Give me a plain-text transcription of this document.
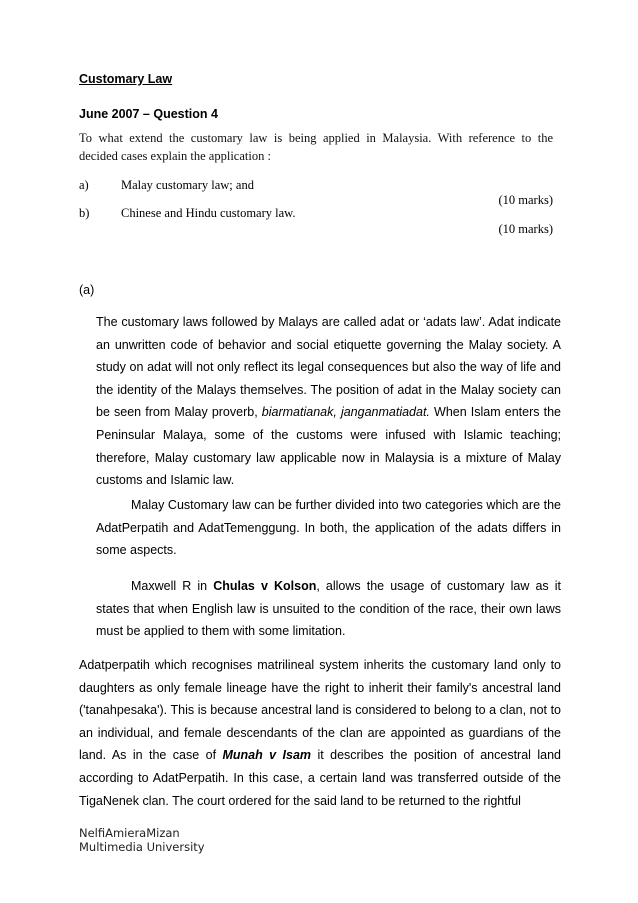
Customary Law
June 2007 – Question 4
To what extend the customary law is being applied in Malaysia. With reference to the
decided cases explain the application :
a)	Malay customary law; and
(10 marks)
b)	Chinese and Hindu customary law.
(10 marks)
(a)

The customary laws followed by Malays are called adat or ‘adats law’. Adat indicate an unwritten code of behavior and social etiquette governing the Malay society. A study on adat will not only reflect its legal consequences but also the way of life and the identity of the Malays themselves. The position of adat in the Malay society can be seen from Malay proverb, biarmatianak, janganmatiadat. When Islam enters the Peninsular Malaya, some of the customs were infused with Islamic teaching; therefore, Malay customary law applicable now in Malaysia is a mixture of Malay customs and Islamic law.

Malay Customary law can be further divided into two categories which are the AdatPerpatih and AdatTemenggung. In both, the application of the adats differs in some aspects.

Maxwell R in Chulas v Kolson, allows the usage of customary law as it states that when English law is unsuited to the condition of the race, their own laws must be applied to them with some limitation.

Adatperpatih which recognises matrilineal system inherits the customary land only to daughters as only female lineage have the right to inherit their family's ancestral land ('tanahpesaka'). This is because ancestral land is considered to belong to a clan, not to an individual, and female descendants of the clan are appointed as guardians of the land. As in the case of Munah v Isam it describes the position of ancestral land according to AdatPerpatih. In this case, a certain land was transferred outside of the TigaNenek clan. The court ordered for the said land to be returned to the rightful

NelfiAmieraMizan
Multimedia University
